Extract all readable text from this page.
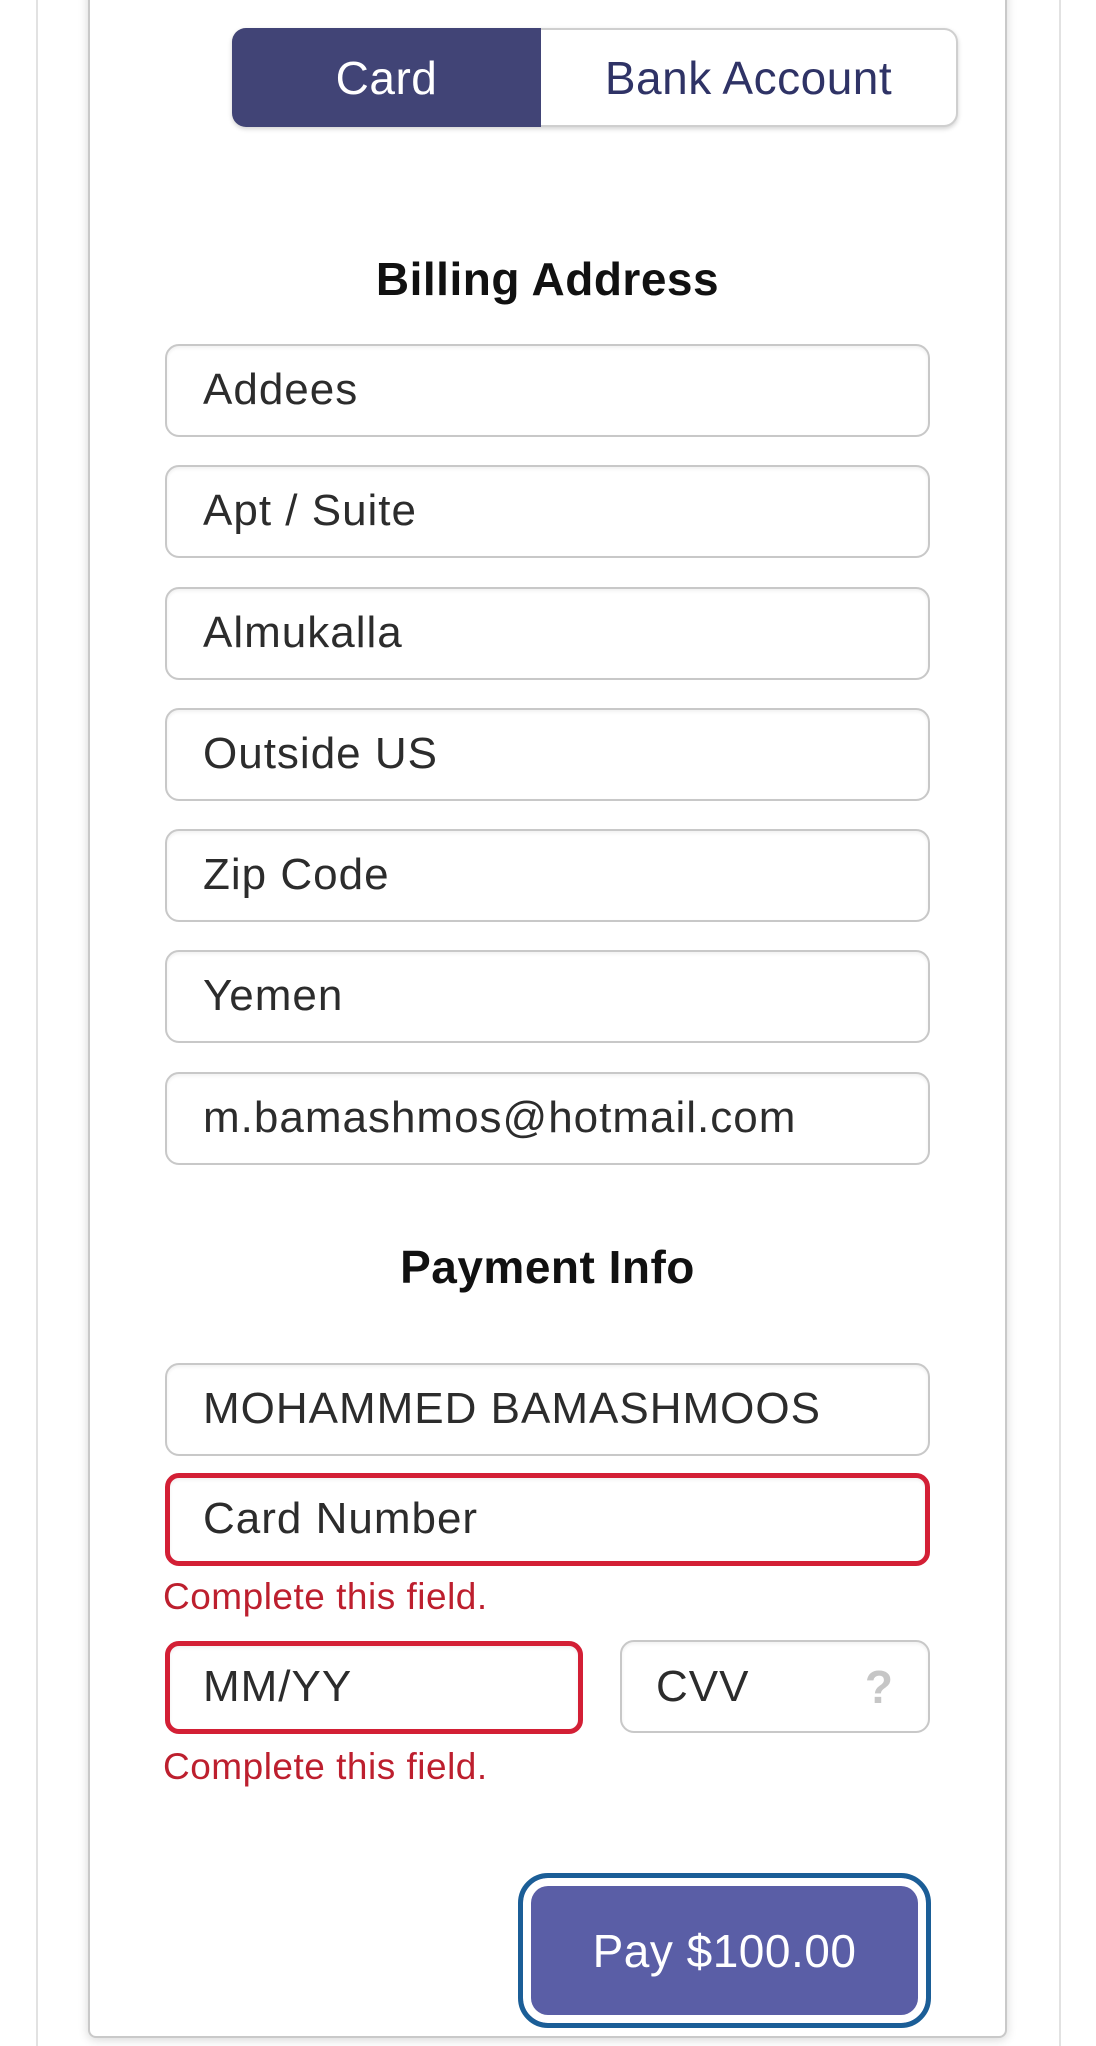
Card	Bank Account
Billing Address
Addees
Apt / Suite
Almukalla
Outside US
Zip Code
Yemen
m.bamashmos@hotmail.com
Payment Info
MOHAMMED BAMASHMOOS
Card Number
Complete this field.
MM/YY	CVV	?
Complete this field.
Pay $100.00
